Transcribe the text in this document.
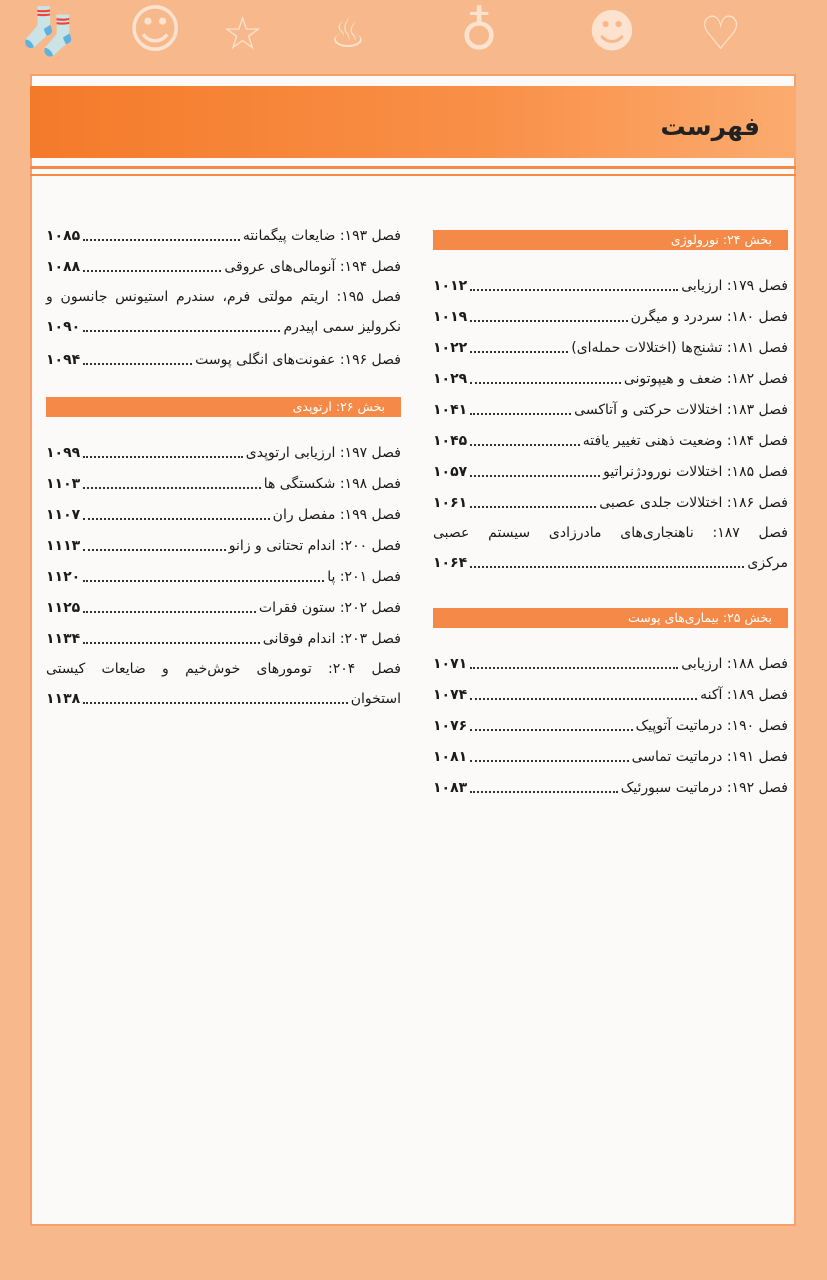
🧦 ☺ ☆ ♨ ♁ ☻ ♡
فهرست
بخش ۲۴: نورولوژی
فصل ۱۷۹: ارزیابی
۱۰۱۲
فصل ۱۸۰: سردرد و میگرن
۱۰۱۹
فصل ۱۸۱: تشنج‌ها (اختلالات حمله‌ای)
۱۰۲۲
فصل ۱۸۲: ضعف و هیپوتونی
۱۰۲۹
فصل ۱۸۳: اختلالات حرکتی و آتاکسی
۱۰۴۱
فصل ۱۸۴: وضعیت ذهنی تغییر یافته
۱۰۴۵
فصل ۱۸۵: اختلالات نورودژنراتیو
۱۰۵۷
فصل ۱۸۶: اختلالات جلدی عصبی
۱۰۶۱
فصل ۱۸۷: ناهنجاری‌های مادرزادی سیستم عصبی
مرکزی
۱۰۶۴
بخش ۲۵: بیماری‌های پوست
فصل ۱۸۸: ارزیابی
۱۰۷۱
فصل ۱۸۹: آکنه
۱۰۷۴
فصل ۱۹۰: درماتیت آتوپیک
۱۰۷۶
فصل ۱۹۱: درماتیت تماسی
۱۰۸۱
فصل ۱۹۲: درماتیت سبورئیک
۱۰۸۳
فصل ۱۹۳: ضایعات پیگمانته
۱۰۸۵
فصل ۱۹۴: آنومالی‌های عروقی
۱۰۸۸
فصل ۱۹۵: اریتم مولتی فرم، سندرم استیونس جانسون و
نکرولیز سمی اپیدرم
۱۰۹۰
فصل ۱۹۶: عفونت‌های انگلی پوست
۱۰۹۴
بخش ۲۶: ارتوپدی
فصل ۱۹۷: ارزیابی ارتوپدی
۱۰۹۹
فصل ۱۹۸: شکستگی ها
۱۱۰۳
فصل ۱۹۹: مفصل ران
۱۱۰۷
فصل ۲۰۰: اندام تحتانی و زانو
۱۱۱۳
فصل ۲۰۱: پا
۱۱۲۰
فصل ۲۰۲: ستون فقرات
۱۱۲۵
فصل ۲۰۳: اندام فوقانی
۱۱۳۴
فصل ۲۰۴: تومورهای خوش‌خیم و ضایعات کیستی
استخوان
۱۱۳۸
